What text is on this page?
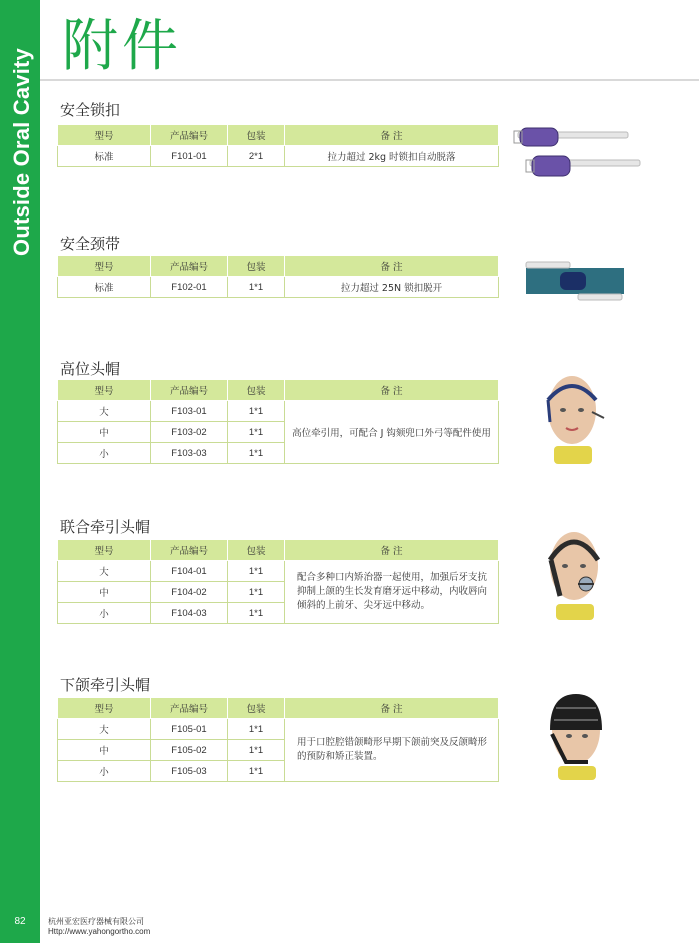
Outside Oral Cavity
82
附件
安全锁扣
型号	产品编号	包装	备 注
标准	F101-01	2*1	拉力超过 2kg 时锁扣自动脱落
安全颈带
型号	产品编号	包装	备 注
标准	F102-01	1*1	拉力超过 25N 锁扣脱开
高位头帽
型号	产品编号	包装	备 注
大	F103-01	1*1	高位牵引用，可配合 J 钩颏兜口外弓等配件使用
中	F103-02	1*1	
小	F103-03	1*1	
联合牵引头帽
型号	产品编号	包装	备 注
大	F104-01	1*1	配合多种口内矫治器一起使用，加强后牙支抗
抑制上颌的生长发育磨牙远中移动，内收唇向
倾斜的上前牙、尖牙远中移动。

中	F104-02	1*1	
小	F104-03	1*1	
下颌牵引头帽
型号	产品编号	包装	备 注
大	F105-01	1*1	用于口腔腔错颌畸形早期下颌前突及反颌畸形
的预防和矫正装置。

中	F105-02	1*1	
小	F105-03	1*1	
杭州亚宏医疗器械有限公司
Http://www.yahongortho.com
